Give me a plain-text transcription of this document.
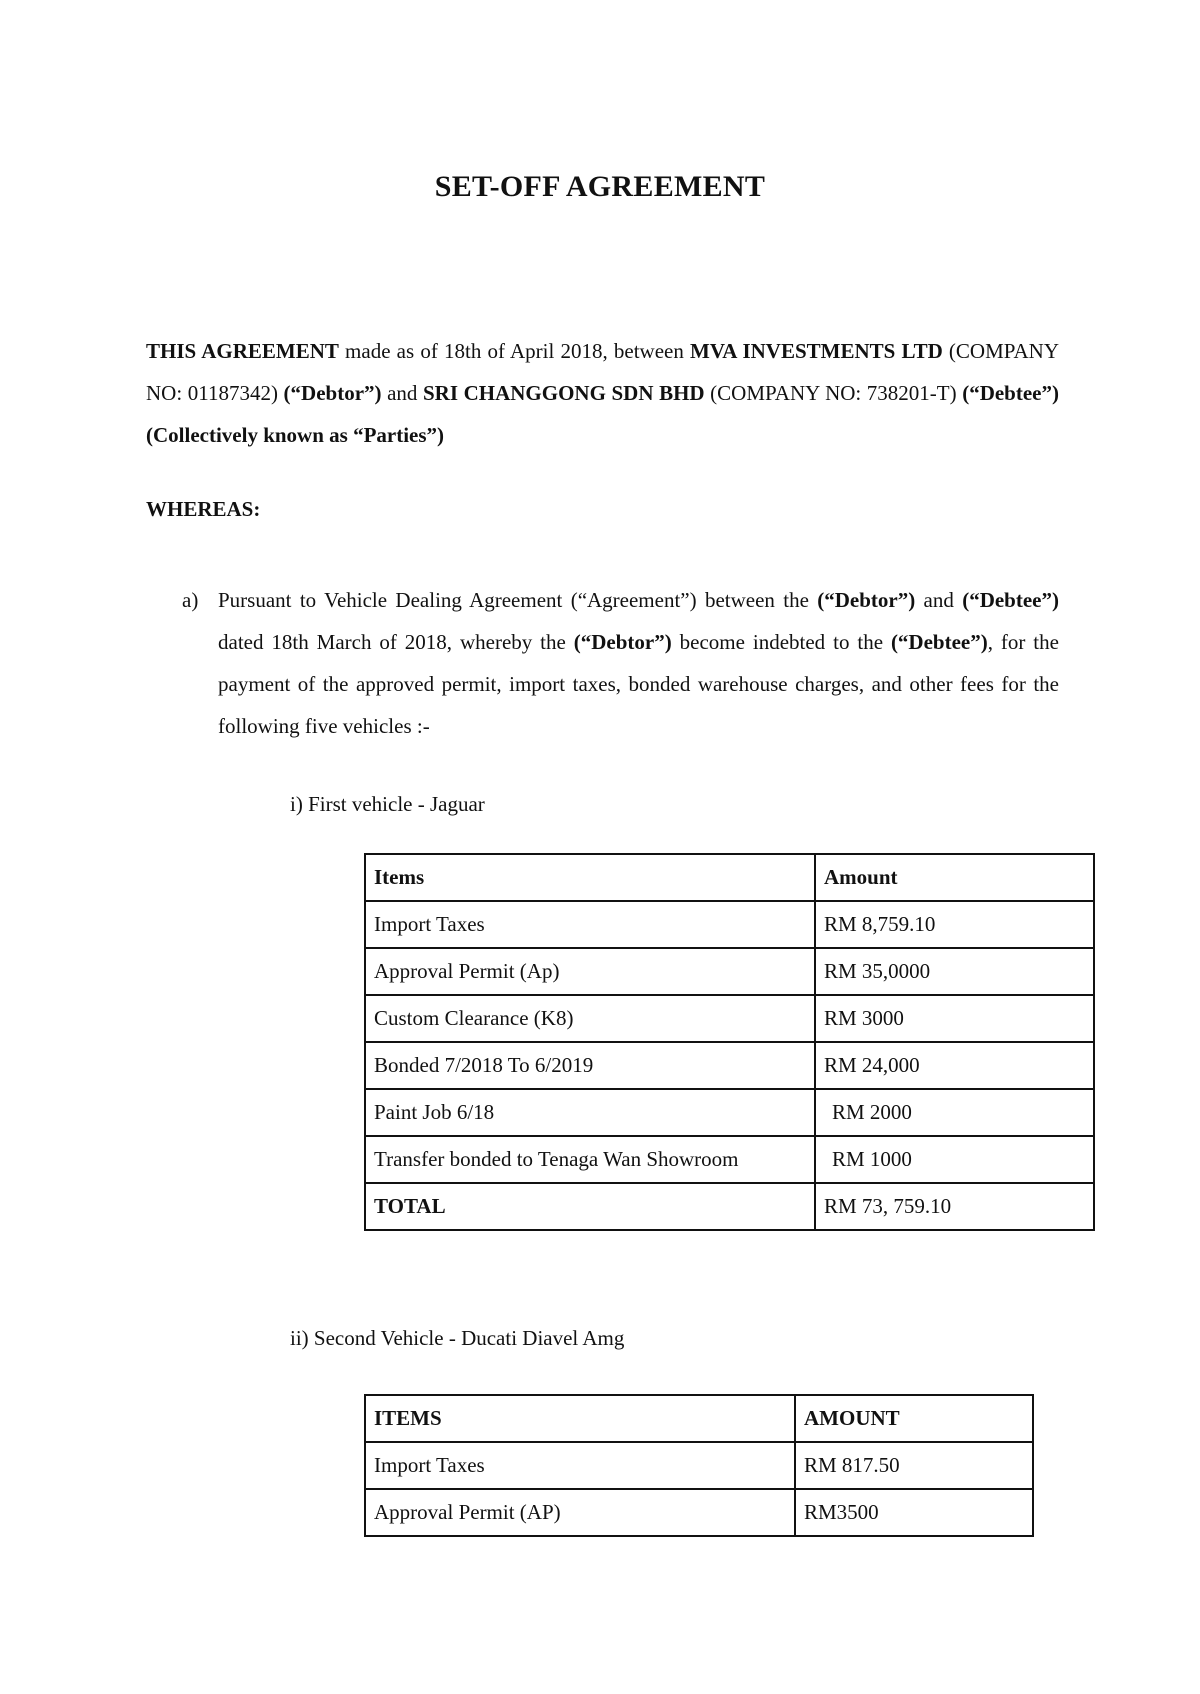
SET-OFF AGREEMENT
THIS AGREEMENT made as of 18th of April 2018, between MVA INVESTMENTS LTD (COMPANY NO: 01187342) (“Debtor”) and SRI CHANGGONG SDN BHD (COMPANY NO: 738201-T) (“Debtee”) (Collectively known as “Parties”)
WHEREAS:
a) Pursuant to Vehicle Dealing Agreement (“Agreement”) between the (“Debtor”) and (“Debtee”) dated 18th March of 2018, whereby the (“Debtor”) become indebted to the (“Debtee”), for the payment of the approved permit, import taxes, bonded warehouse charges, and other fees for the following five vehicles :-
i) First vehicle - Jaguar
Items	Amount
Import Taxes	RM 8,759.10
Approval Permit (Ap)	RM 35,0000
Custom Clearance (K8)	RM 3000
Bonded 7/2018 To 6/2019	RM 24,000
Paint Job 6/18	RM 2000
Transfer bonded to Tenaga Wan Showroom	RM 1000
TOTAL	RM 73, 759.10
ii) Second Vehicle - Ducati Diavel Amg
ITEMS	AMOUNT
Import Taxes	RM 817.50
Approval Permit (AP)	RM3500
